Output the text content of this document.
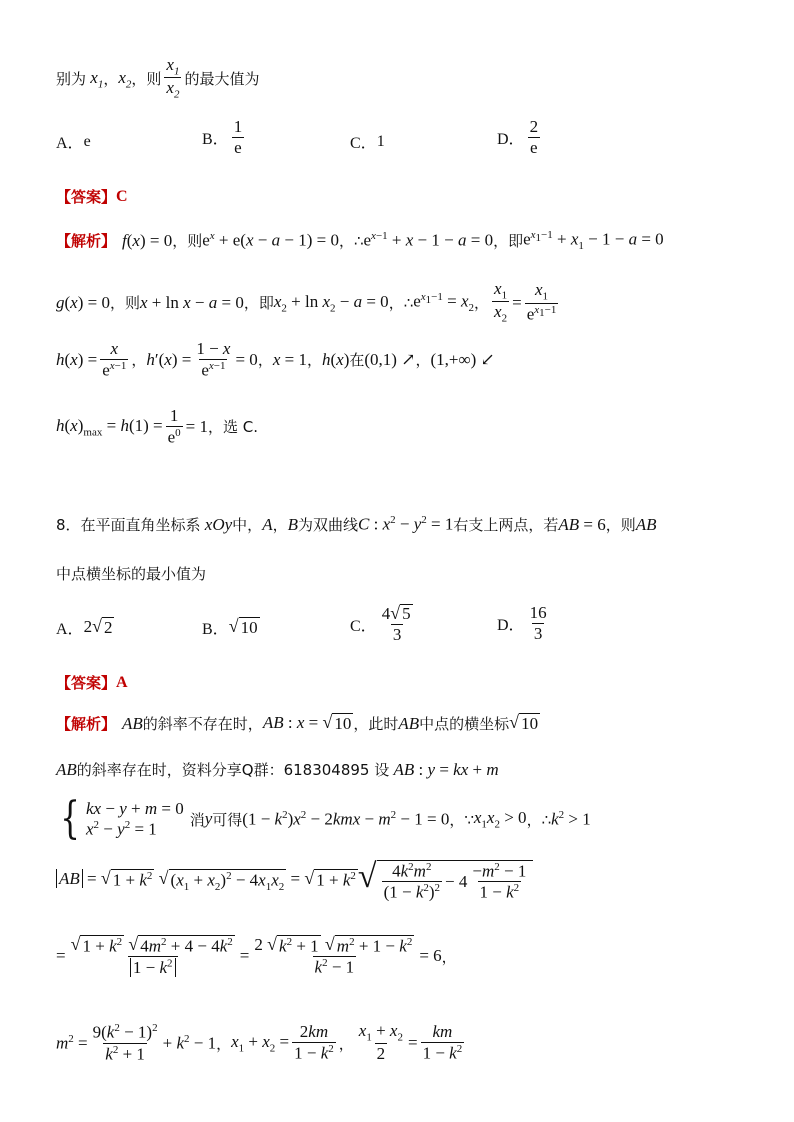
别为 $x_1$ ， $x_2$ ，则 $\frac{x_1}{x_2}$ 的最大值为
A． e	B． $\frac{1}{e}$	C． 1	D． $\frac{2}{e}$
【答案】 C
【解析】 f ( x ) = 0 ，则 $e^x + e(x - a - 1) = 0$ ，∴ $e^{x-1} + x - 1 - a = 0$ ，即 $e^{x_1-1} + x_1 - 1 - a = 0$
g(x) = 0 ，则 x + ln x − a = 0 ，即 $x_2 + \ln x_2 - a = 0$ ，∴ $e^{x_1-1} = x_2$ ， $\frac{x_1}{x_2} = \frac{x_1}{e^{x_1-1}}$
$h(x) = \frac{x}{e^{x-1}}$ ， $h'(x) = \frac{1 - x}{e^{x-1}} = 0$ ， x = 1 ， h(x) 在 (0,1) ↗ ， (1,+∞) ↙
$h(x)_{max} = h(1) = \frac{1}{e^0} = 1$ ，选 C.
8．在平面直角坐标系 xOy 中， A ， B 为双曲线 C : $x^2 - y^2 = 1$ 右支上两点，若 AB = 6 ，则 AB
中点横坐标的最小值为
A． 2 √ 2	B． √ 10	C． $\frac{4 √ 5}{3}$	D． $\frac{16}{3}$
【答案】 A
【解析】 AB 的斜率不存在时， AB : x = √ 10 ，此时 AB 中点的横坐标 √ 10
AB 的斜率存在时，资料分享Q群：618304895 设 AB : y = kx + m
{ kx − y + m = 0
$x^2 - y^2 = 1$	消 y 可得 $(1 - k^2)x^2 - 2kmx - m^2 - 1 = 0$ ，∵ $x_1x_2 > 0$ ，∴ $k^2 > 1$
AB = √ $1 + k^2$
√ $(x_1 + x_2)^2 - 4x_1x_2$ = √ $1 + k^2$ √ $\frac{4k^2m^2}{(1 - k^2)^2} - 4 \frac{-m^2 - 1}{1 - k^2}$
= √ $1 + k^2$
√ $4m^2 + 4 - 4k^2$
$1 - k^2 = 2$ √ $k^2 + 1$
√ $m^2 + 1 - k^2$
$k^2 - 1 = 6$ ，
$m^2 = \frac{9(k^2 - 1)^2}{k^2 + 1} + k^2 - 1$ ， $x_1 + x_2 = \frac{2km}{1 - k^2}$ ， $\frac{x_1 + x_2}{2} = \frac{km}{1 - k^2}$
